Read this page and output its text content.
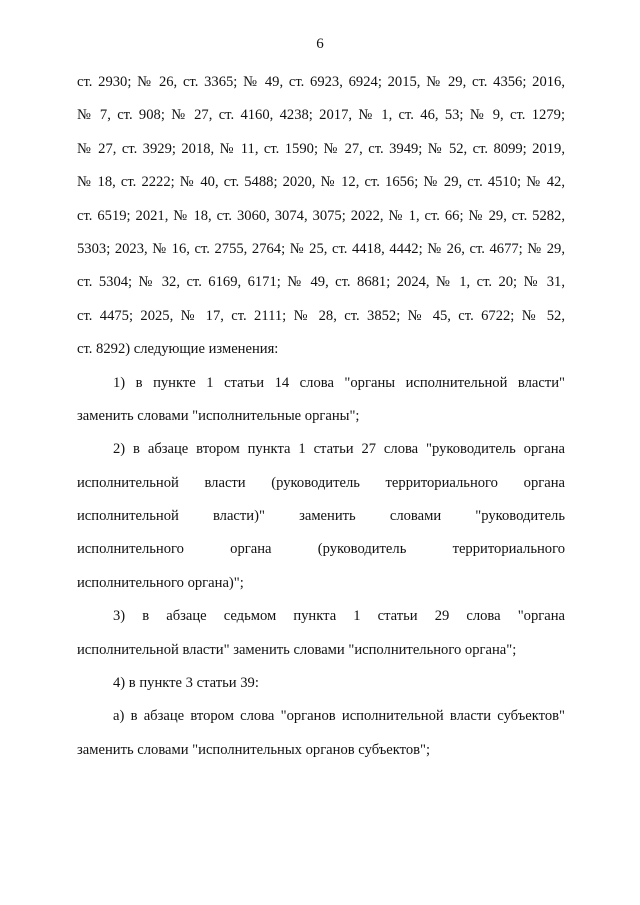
6
ст. 2930; № 26, ст. 3365; № 49, ст. 6923, 6924; 2015, № 29, ст. 4356; 2016,
№ 7, ст. 908; № 27, ст. 4160, 4238; 2017, № 1, ст. 46, 53; № 9, ст. 1279;
№ 27, ст. 3929; 2018, № 11, ст. 1590; № 27, ст. 3949; № 52, ст. 8099; 2019,
№ 18, ст. 2222; № 40, ст. 5488; 2020, № 12, ст. 1656; № 29, ст. 4510; № 42,
ст. 6519; 2021, № 18, ст. 3060, 3074, 3075; 2022, № 1, ст. 66; № 29, ст. 5282,
5303; 2023, № 16, ст. 2755, 2764; № 25, ст. 4418, 4442; № 26, ст. 4677; № 29,
ст. 5304; № 32, ст. 6169, 6171; № 49, ст. 8681; 2024, № 1, ст. 20; № 31,
ст. 4475; 2025, № 17, ст. 2111; № 28, ст. 3852; № 45, ст. 6722; № 52,
ст. 8292) следующие изменения:
1) в пункте 1 статьи 14 слова "органы исполнительной власти"
заменить словами "исполнительные органы";
2) в абзаце втором пункта 1 статьи 27 слова "руководитель органа
исполнительной власти (руководитель территориального органа
исполнительной власти)" заменить словами "руководитель
исполнительного органа (руководитель территориального
исполнительного органа)";
3) в абзаце седьмом пункта 1 статьи 29 слова "органа
исполнительной власти" заменить словами "исполнительного органа";
4) в пункте 3 статьи 39:
а) в абзаце втором слова "органов исполнительной власти субъектов"
заменить словами "исполнительных органов субъектов";
